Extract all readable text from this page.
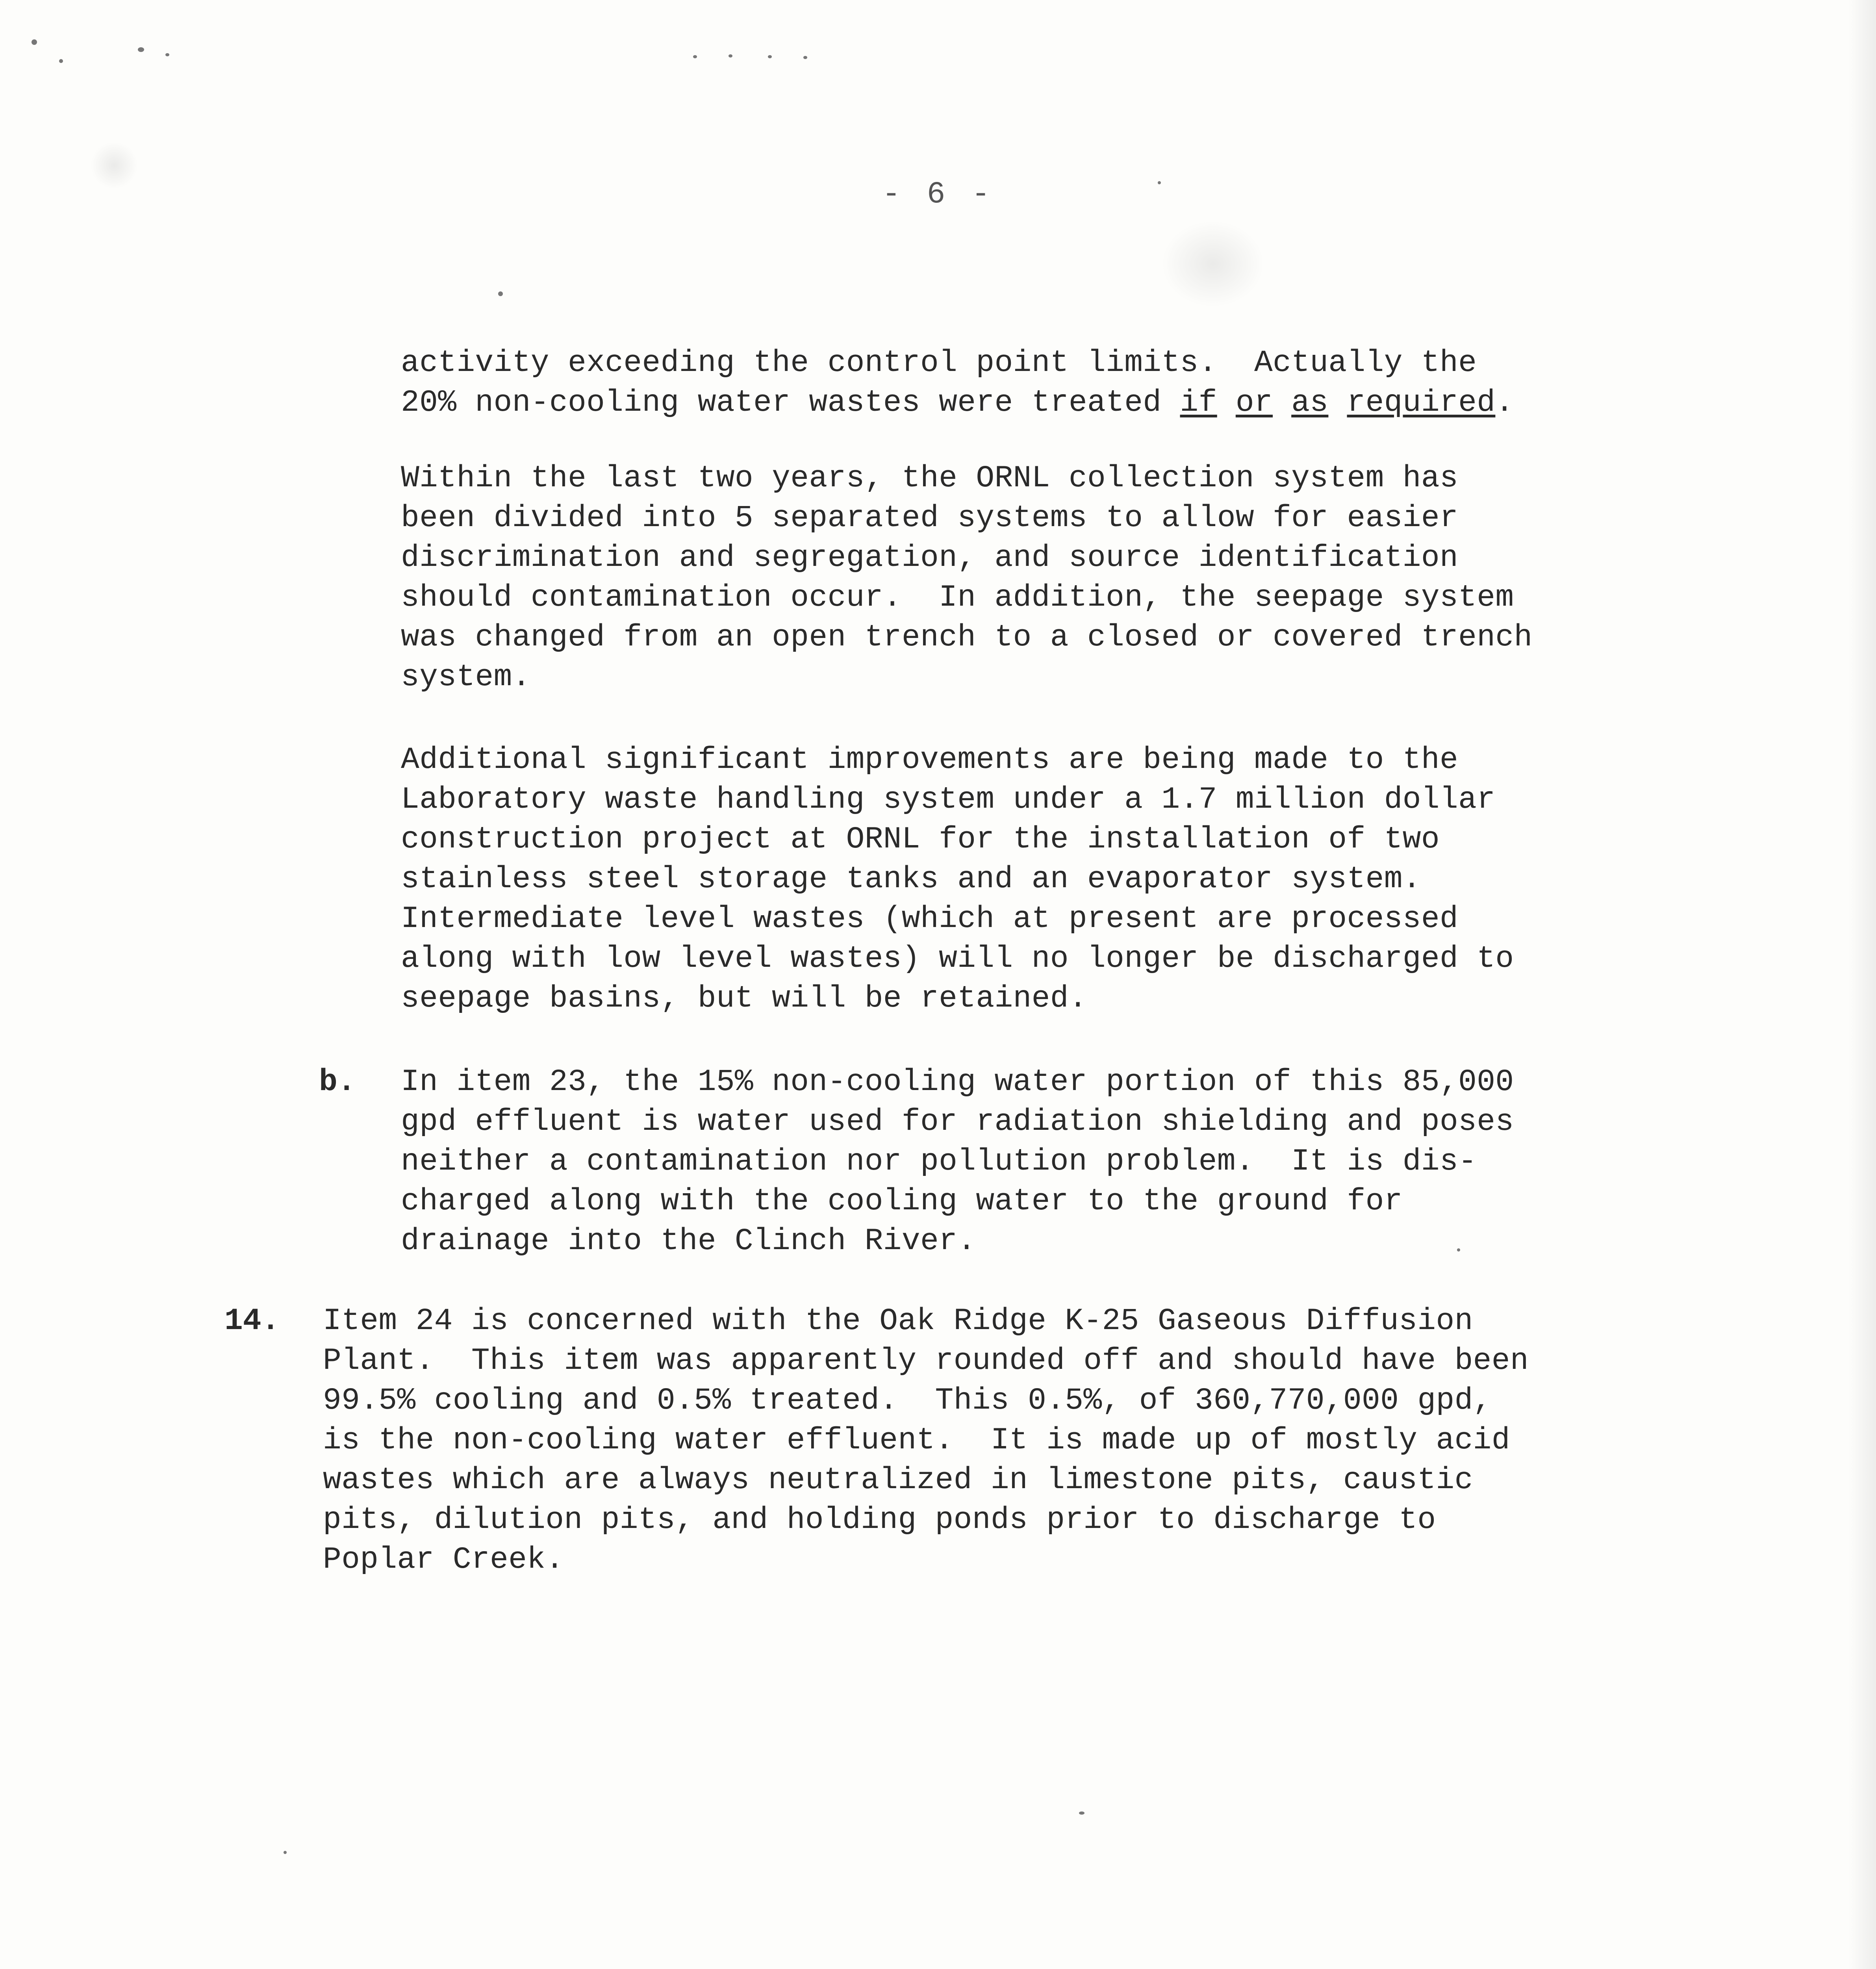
- 6 -
activity exceeding the control point limits.  Actually the
20% non-cooling water wastes were treated if or as required.
Within the last two years, the ORNL collection system has
been divided into 5 separated systems to allow for easier
discrimination and segregation, and source identification
should contamination occur.  In addition, the seepage system
was changed from an open trench to a closed or covered trench
system.
Additional significant improvements are being made to the
Laboratory waste handling system under a 1.7 million dollar
construction project at ORNL for the installation of two
stainless steel storage tanks and an evaporator system.
Intermediate level wastes (which at present are processed
along with low level wastes) will no longer be discharged to
seepage basins, but will be retained.
b. In item 23, the 15% non-cooling water portion of this 85,000
gpd effluent is water used for radiation shielding and poses
neither a contamination nor pollution problem.  It is dis-
charged along with the cooling water to the ground for
drainage into the Clinch River.
14. Item 24 is concerned with the Oak Ridge K-25 Gaseous Diffusion
Plant.  This item was apparently rounded off and should have been
99.5% cooling and 0.5% treated.  This 0.5%, of 360,770,000 gpd,
is the non-cooling water effluent.  It is made up of mostly acid
wastes which are always neutralized in limestone pits, caustic
pits, dilution pits, and holding ponds prior to discharge to
Poplar Creek.
